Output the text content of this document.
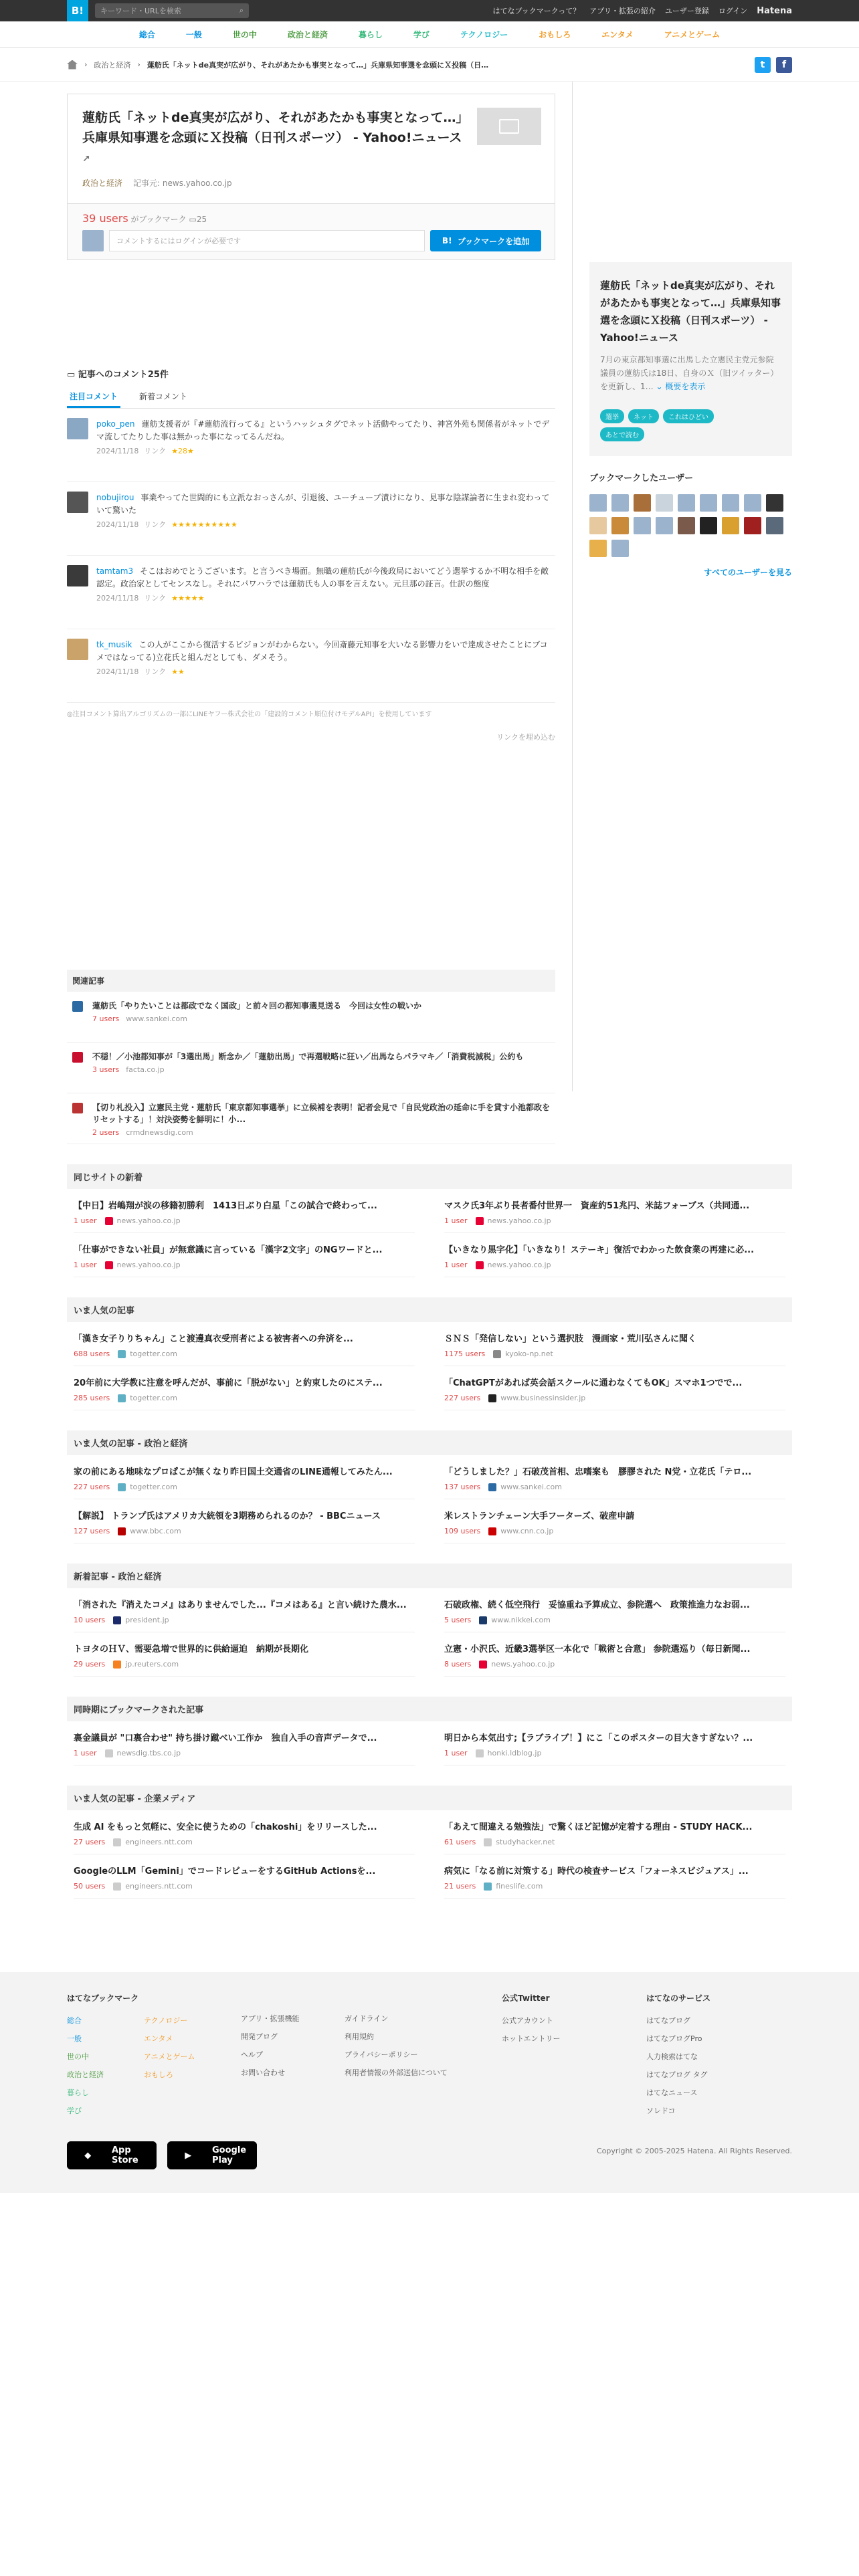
B!	キーワード・URLを検索	⌕	はてなブックマークって？ アプリ・拡張の紹介 ユーザー登録 ログイン Hatena
総合	一般	世の中	政治と経済	暮らし	学び	テクノロジー	おもしろ	エンタメ	アニメとゲーム
› 政治と経済 › 蓮舫氏「ネットde真実が広がり、それがあたかも事実となって…」兵庫県知事選を念頭にＸ投稿（日…	t	f
蓮舫氏「ネットde真実が広がり、それがあたかも事実となって…」兵庫県知事選を念頭にＸ投稿（日刊スポーツ） - Yahoo!ニュース ↗
政治と経済 記事元: news.yahoo.co.jp
39 users がブックマーク ▭25
コメントするにはログインが必要です	B! ブックマークを追加
▭ 記事へのコメント25件
注目コメント	新着コメント
poko_pen 蓮舫支援者が『#蓮舫流行ってる』というハッシュタグでネット活動やってたり、神宮外苑も関係者がネットでデマ流してたりした事は無かった事になってるんだね。
2024/11/18 リンク ★28★
nobujirou 事業やってた世間的にも立派なおっさんが、引退後、ユーチューブ漬けになり、見事な陰謀論者に生まれ変わっていて驚いた
2024/11/18 リンク ★★★★★★★★★★
tamtam3 そこはおめでとうございます。と言うべき場面。無職の蓮舫氏が今後政局においてどう選挙するか不明な相手を敵認定。政治家としてセンスなし。それにパワハラでは蓮舫氏も人の事を言えない。元旦那の証言。仕訳の態度
2024/11/18 リンク ★★★★★
tk_musik この人がここから復活するビジョンがわからない。今回斎藤元知事を大いなる影響力をいで達成させたことにブコメではなってる)立花氏と組んだとしても、ダメそう。
2024/11/18 リンク ★★
◎注目コメント算出アルゴリズムの一部にLINEヤフー株式会社の「建設的コメント順位付けモデルAPI」を使用しています
リンクを埋め込む
関連記事
蓮舫氏「やりたいことは都政でなく国政」と前々回の都知事選見送る　今回は女性の戦いか
7 users www.sankei.com
不穏！／小池都知事が「3選出馬」断念か／「蓮舫出馬」で再選戦略に狂い／出馬ならパラマキ／「消費税減税」公約も
3 users facta.co.jp
【切り札投入】立憲民主党・蓮舫氏「東京都知事選挙」に立候補を表明！記者会見で「自民党政治の延命に手を貸す小池都政をリセットする」！対決姿勢を鮮明に！小...
2 users crmdnewsdig.com
蓮舫氏「ネットde真実が広がり、それがあたかも事実となって…」兵庫県知事選を念頭にＸ投稿（日刊スポーツ） - Yahoo!ニュース

7月の東京都知事選に出馬した立憲民主党元参院議員の蓮舫氏は18日、自身のＸ（旧ツイッター）を更新し、1… ⌄ 概要を表示

選挙	ネット	これはひどい
あとで読む
ブックマークしたユーザー
すべてのユーザーを見る
同じサイトの新着
【中日】岩嶋翔が涙の移籍初勝利　1413日ぶり白星「この試合で終わって...
1 user	news.yahoo.co.jp
マスク氏3年ぶり長者番付世界一　資産約51兆円、米誌フォーブス（共同通...
1 user	news.yahoo.co.jp
「仕事ができない社員」が無意識に言っている「漢字2文字」のNGワードと...
1 user	news.yahoo.co.jp
【いきなり黒字化】「いきなり！ステーキ」復活でわかった飲食業の再建に必...
1 user	news.yahoo.co.jp
いま人気の記事
「漢き女子りりちゃん」こと渡邊真衣受刑者による被害者への弁済を...
688 users	togetter.com
ＳＮＳ「発信しない」という選択肢　漫画家・荒川弘さんに聞く
1175 users	kyoko-np.net
20年前に大学教に注意を呼んだが、事前に「脱がない」と約束したのにステ...
285 users	togetter.com
「ChatGPTがあれば英会話スクールに通わなくてもOK」スマホ1つでで...
227 users	www.businessinsider.jp
いま人気の記事 - 政治と経済
家の前にある地味なプロぱこが無くなり昨日国土交通省のLINE通報してみたん...
227 users	togetter.com
「どうしました？」石破茂首相、忠嗜案も　膠膠された N党・立花氏「テロ...
137 users	www.sankei.com
【解説】 トランプ氏はアメリカ大統領を3期務められるのか？ - BBCニュース
127 users	www.bbc.com
米レストランチェーン大手フーターズ、破産申請
109 users	www.cnn.co.jp
新着記事 - 政治と経済
「消された『消えたコメ』はありませんでした...『コメはある』と言い続けた農水...
10 users	president.jp
石破政権、続く低空飛行　妥協重ね予算成立、参院選へ　政策推進力なお弱...
5 users	www.nikkei.com
トヨタのＨＶ、需要急増で世界的に供給逼迫　納期が長期化
29 users	jp.reuters.com
立憲・小沢氏、近畿3選挙区一本化で「戦術と合意」 参院選巡り（毎日新聞...
8 users	news.yahoo.co.jp
同時期にブックマークされた記事
裏金議員が "口裏合わせ" 持ち掛け蹴べい工作か　独自入手の音声データで...
1 user	newsdig.tbs.co.jp
明日から本気出す;【ラブライブ！】にこ「このポスターの目大きすぎない？...
1 user	honki.ldblog.jp
いま人気の記事 - 企業メディア
生成 AI をもっと気軽に、安全に使うための「chakoshi」をリリースした...
27 users	engineers.ntt.com
「あえて間違える勉強法」で驚くほど記憶が定着する理由 - STUDY HACK...
61 users	studyhacker.net
GoogleのLLM「Gemini」でコードレビューをするGitHub Actionsを...
50 users	engineers.ntt.com
病気に「なる前に対策する」時代の検査サービス「フォーネスビジュアス」...
21 users	fineslife.com
はてなブックマーク
総合
一般
世の中
政治と経済
暮らし
学び
テクノロジー
エンタメ
アニメとゲーム
おもしろ
アプリ・拡張機能
開発ブログ
ヘルプ
お問い合わせ
ガイドライン
利用規約
プライバシーポリシー
利用者情報の外部送信について
公式Twitter
公式アカウント
ホットエントリー
はてなのサービス
はてなブログ
はてなブログPro
人力検索はてな
はてなブログ タグ
はてなニュース
ソレドコ
◆	App Store	▶	Google Play
Copyright © 2005-2025 Hatena. All Rights Reserved.
